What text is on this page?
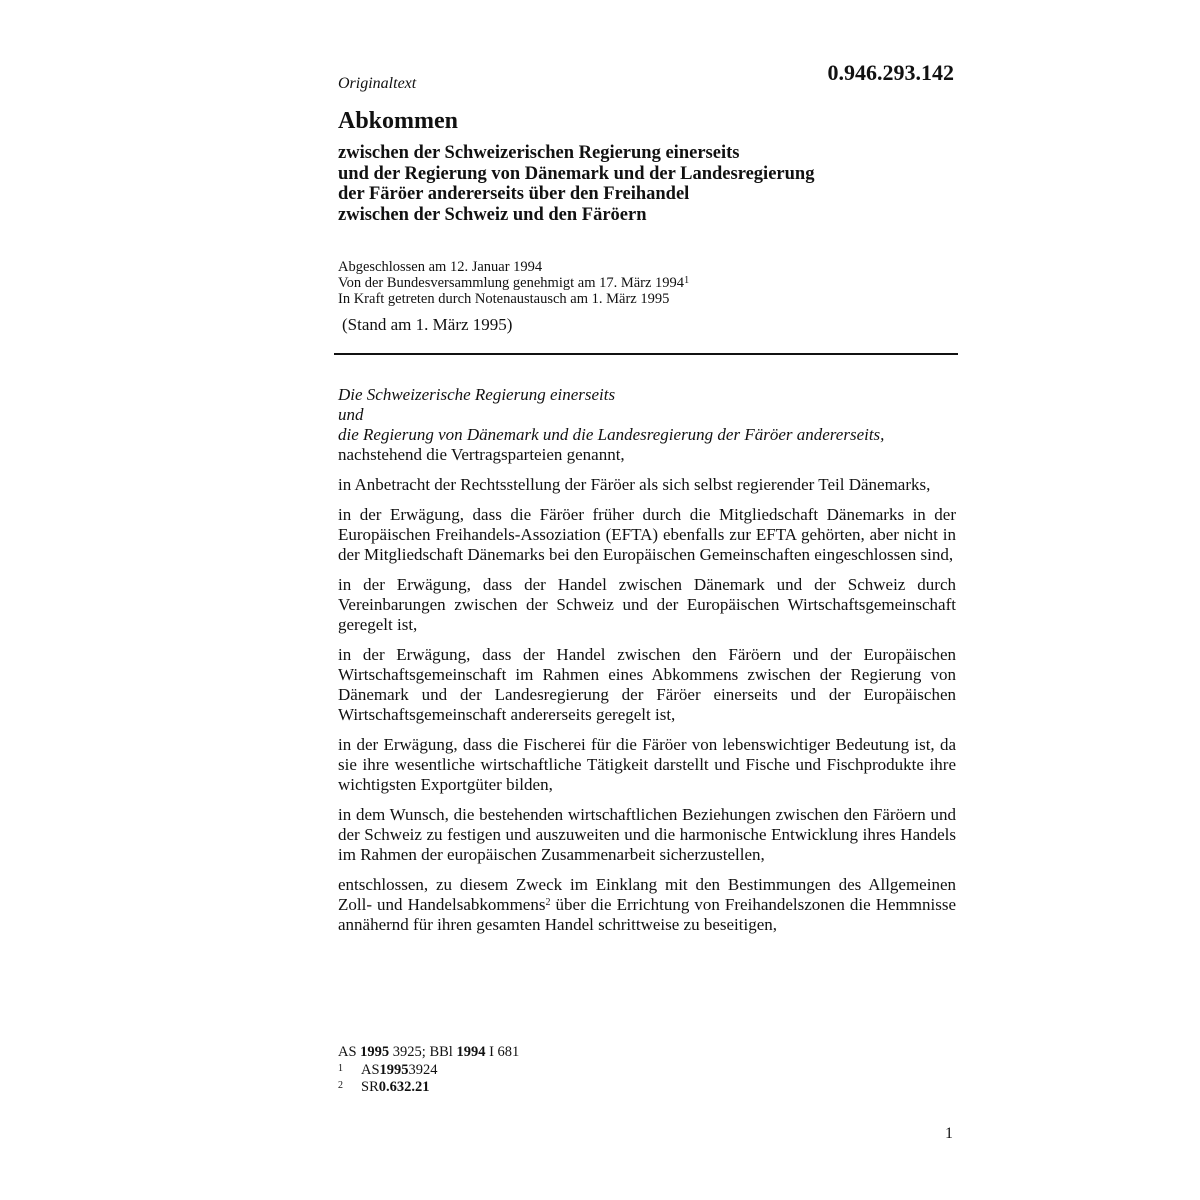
0.946.293.142
Originaltext
Abkommen
zwischen der Schweizerischen Regierung einerseits
und der Regierung von Dänemark und der Landesregierung
der Färöer andererseits über den Freihandel
zwischen der Schweiz und den Färöern
Abgeschlossen am 12. Januar 1994
Von der Bundesversammlung genehmigt am 17. März 1994$^1$
In Kraft getreten durch Notenaustausch am 1. März 1995
(Stand am 1. März 1995)
Die Schweizerische Regierung einerseits
und
die Regierung von Dänemark und die Landesregierung der Färöer andererseits,
nachstehend die Vertragsparteien genannt,
in Anbetracht der Rechtsstellung der Färöer als sich selbst regierender Teil Dänemarks,
in der Erwägung, dass die Färöer früher durch die Mitgliedschaft Dänemarks in der Europäischen Freihandels-Assoziation (EFTA) ebenfalls zur EFTA gehörten, aber nicht in der Mitgliedschaft Dänemarks bei den Europäischen Gemeinschaften eingeschlossen sind,
in der Erwägung, dass der Handel zwischen Dänemark und der Schweiz durch Vereinbarungen zwischen der Schweiz und der Europäischen Wirtschaftsgemeinschaft geregelt ist,
in der Erwägung, dass der Handel zwischen den Färöern und der Europäischen Wirtschaftsgemeinschaft im Rahmen eines Abkommens zwischen der Regierung von Dänemark und der Landesregierung der Färöer einerseits und der Europäischen Wirtschaftsgemeinschaft andererseits geregelt ist,
in der Erwägung, dass die Fischerei für die Färöer von lebenswichtiger Bedeutung ist, da sie ihre wesentliche wirtschaftliche Tätigkeit darstellt und Fische und Fischprodukte ihre wichtigsten Exportgüter bilden,
in dem Wunsch, die bestehenden wirtschaftlichen Beziehungen zwischen den Färöern und der Schweiz zu festigen und auszuweiten und die harmonische Entwicklung ihres Handels im Rahmen der europäischen Zusammenarbeit sicherzustellen,
entschlossen, zu diesem Zweck im Einklang mit den Bestimmungen des Allgemeinen Zoll- und Handelsabkommens$^2$ über die Errichtung von Freihandelszonen die Hemmnisse annähernd für ihren gesamten Handel schrittweise zu beseitigen,
AS 1995 3925; BBl 1994 I 681
1	AS 1995 3924
2	SR 0.632.21
1
